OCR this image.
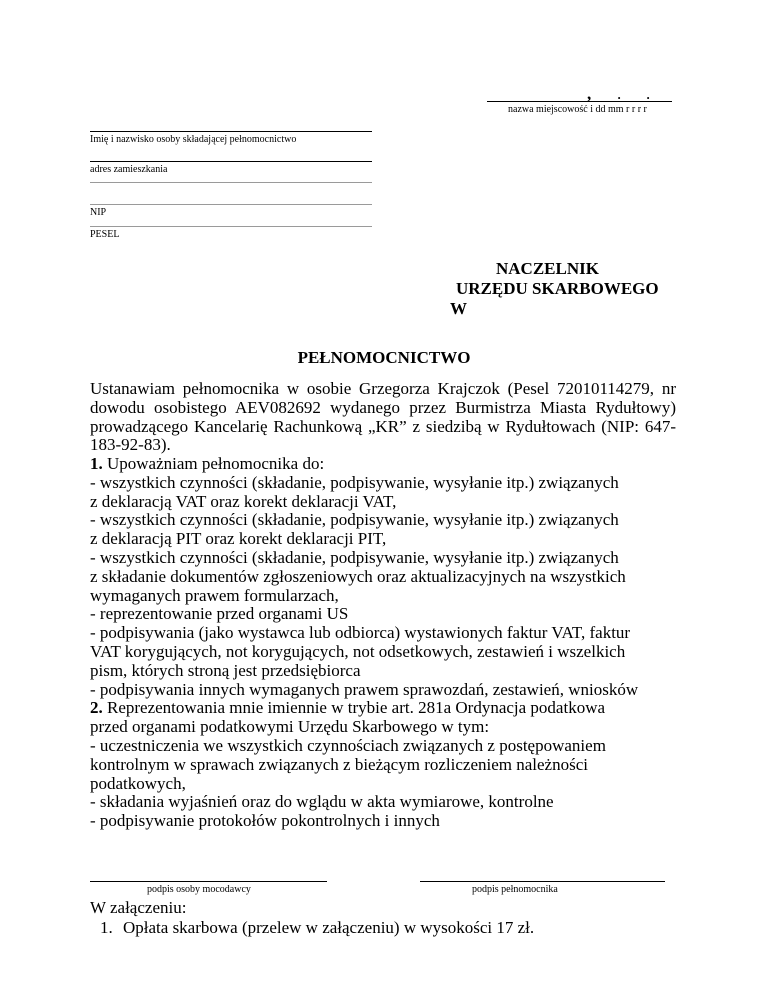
, . .
nazwa miejscowość i dd mm r r r r
Imię i nazwisko osoby składającej pełnomocnictwo
adres zamieszkania
NIP
PESEL
NACZELNIK
URZĘDU SKARBOWEGO
W
PEŁNOMOCNICTWO

Ustanawiam pełnomocnika w osobie Grzegorza Krajczok (Pesel 72010114279, nr dowodu osobistego AEV082692 wydanego przez Burmistrza Miasta Rydułtowy) prowadzącego Kancelarię Rachunkową „KR” z siedzibą w Rydułtowach (NIP: 647-183-92-83).

1. Upoważniam pełnomocnika do:
- wszystkich czynności (składanie, podpisywanie, wysyłanie itp.) związanych
z deklaracją VAT oraz korekt deklaracji VAT,
- wszystkich czynności (składanie, podpisywanie, wysyłanie itp.) związanych
z deklaracją PIT oraz korekt deklaracji PIT,
- wszystkich czynności (składanie, podpisywanie, wysyłanie itp.) związanych
z składanie dokumentów zgłoszeniowych oraz aktualizacyjnych na wszystkich
wymaganych prawem formularzach,
- reprezentowanie przed organami US
- podpisywania (jako wystawca lub odbiorca) wystawionych faktur VAT, faktur
VAT korygujących, not korygujących, not odsetkowych, zestawień i wszelkich
pism, których stroną jest przedsiębiorca
- podpisywania innych wymaganych prawem sprawozdań, zestawień, wniosków

2. Reprezentowania mnie imiennie w trybie art. 281a Ordynacja podatkowa
przed organami podatkowymi Urzędu Skarbowego w tym:
- uczestniczenia we wszystkich czynnościach związanych z postępowaniem
kontrolnym w sprawach związanych z bieżącym rozliczeniem należności
podatkowych,
- składania wyjaśnień oraz do wglądu w akta wymiarowe, kontrolne
- podpisywanie protokołów pokontrolnych i innych

podpis osoby mocodawcy	podpis pełnomocnika
W załączeniu:
1. Opłata skarbowa (przelew w załączeniu) w wysokości 17 zł.
